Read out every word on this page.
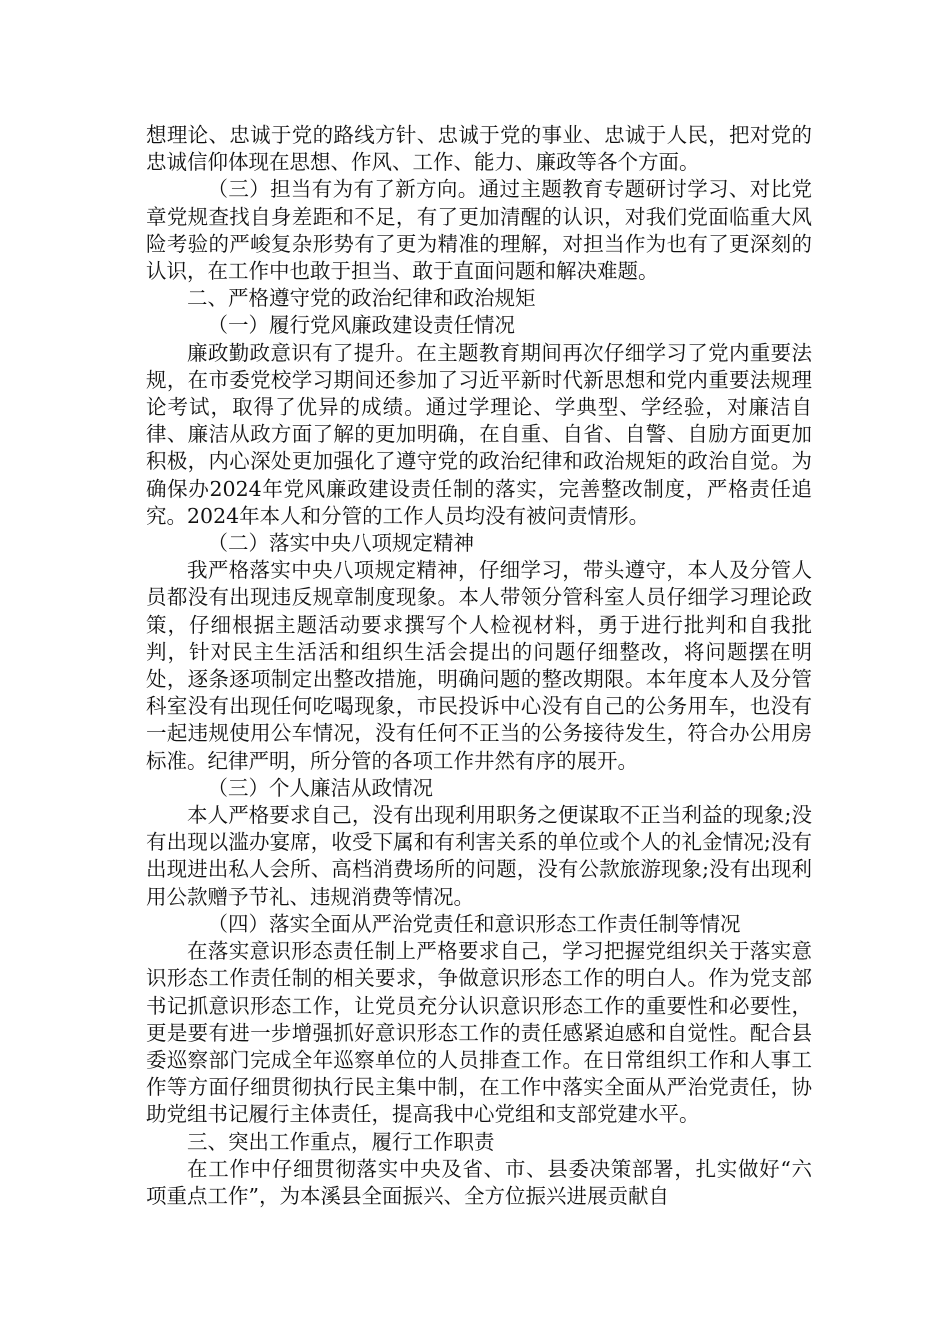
想理论、忠诚于党的路线方针、忠诚于党的事业、忠诚于人民，把对党的忠诚信仰体现在思想、作风、工作、能力、廉政等各个方面。

（三）担当有为有了新方向。通过主题教育专题研讨学习、对比党章党规查找自身差距和不足，有了更加清醒的认识，对我们党面临重大风险考验的严峻复杂形势有了更为精准的理解，对担当作为也有了更深刻的认识，在工作中也敢于担当、敢于直面问题和解决难题。

二、严格遵守党的政治纪律和政治规矩

（一）履行党风廉政建设责任情况

廉政勤政意识有了提升。在主题教育期间再次仔细学习了党内重要法规，在市委党校学习期间还参加了习近平新时代新思想和党内重要法规理论考试，取得了优异的成绩。通过学理论、学典型、学经验，对廉洁自律、廉洁从政方面了解的更加明确，在自重、自省、自警、自励方面更加积极，内心深处更加强化了遵守党的政治纪律和政治规矩的政治自觉。为确保办2024年党风廉政建设责任制的落实，完善整改制度，严格责任追究。2024年本人和分管的工作人员均没有被问责情形。

（二）落实中央八项规定精神

我严格落实中央八项规定精神，仔细学习，带头遵守，本人及分管人员都没有出现违反规章制度现象。本人带领分管科室人员仔细学习理论政策，仔细根据主题活动要求撰写个人检视材料，勇于进行批判和自我批判，针对民主生活活和组织生活会提出的问题仔细整改，将问题摆在明处，逐条逐项制定出整改措施，明确问题的整改期限。本年度本人及分管科室没有出现任何吃喝现象，市民投诉中心没有自己的公务用车，也没有一起违规使用公车情况，没有任何不正当的公务接待发生，符合办公用房标准。纪律严明，所分管的各项工作井然有序的展开。

（三）个人廉洁从政情况

本人严格要求自己，没有出现利用职务之便谋取不正当利益的现象;没有出现以滥办宴席，收受下属和有利害关系的单位或个人的礼金情况;没有出现进出私人会所、高档消费场所的问题，没有公款旅游现象;没有出现利用公款赠予节礼、违规消费等情况。

（四）落实全面从严治党责任和意识形态工作责任制等情况

在落实意识形态责任制上严格要求自己，学习把握党组织关于落实意识形态工作责任制的相关要求，争做意识形态工作的明白人。作为党支部书记抓意识形态工作，让党员充分认识意识形态工作的重要性和必要性，更是要有进一步增强抓好意识形态工作的责任感紧迫感和自觉性。配合县委巡察部门完成全年巡察单位的人员排查工作。在日常组织工作和人事工作等方面仔细贯彻执行民主集中制，在工作中落实全面从严治党责任，协助党组书记履行主体责任，提高我中心党组和支部党建水平。

三、突出工作重点，履行工作职责

在工作中仔细贯彻落实中央及省、市、县委决策部署，扎实做好“六项重点工作”，为本溪县全面振兴、全方位振兴进展贡献自
